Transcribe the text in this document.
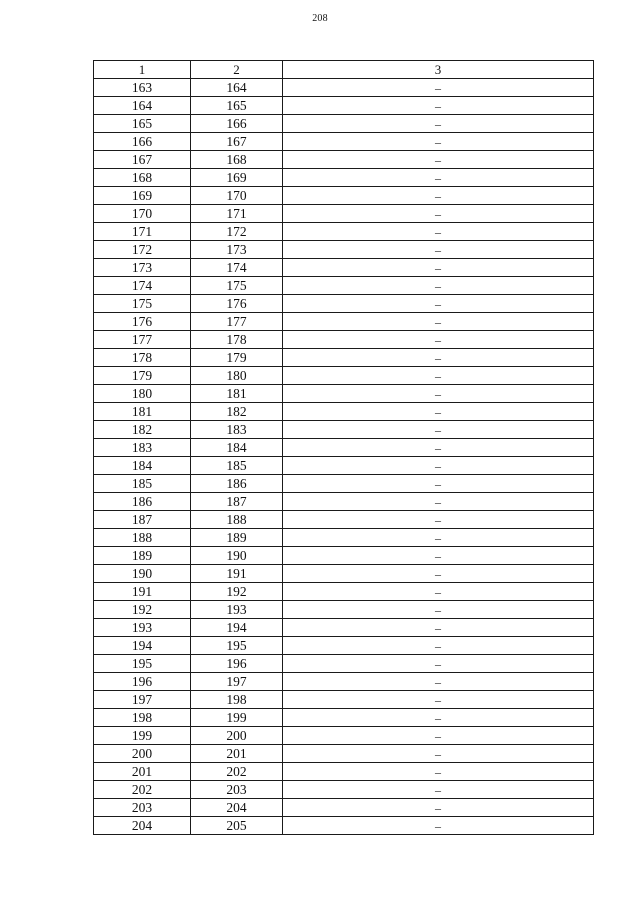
208
1	2	3
163	164	–
164	165	–
165	166	–
166	167	–
167	168	–
168	169	–
169	170	–
170	171	–
171	172	–
172	173	–
173	174	–
174	175	–
175	176	–
176	177	–
177	178	–
178	179	–
179	180	–
180	181	–
181	182	–
182	183	–
183	184	–
184	185	–
185	186	–
186	187	–
187	188	–
188	189	–
189	190	–
190	191	–
191	192	–
192	193	–
193	194	–
194	195	–
195	196	–
196	197	–
197	198	–
198	199	–
199	200	–
200	201	–
201	202	–
202	203	–
203	204	–
204	205	–
